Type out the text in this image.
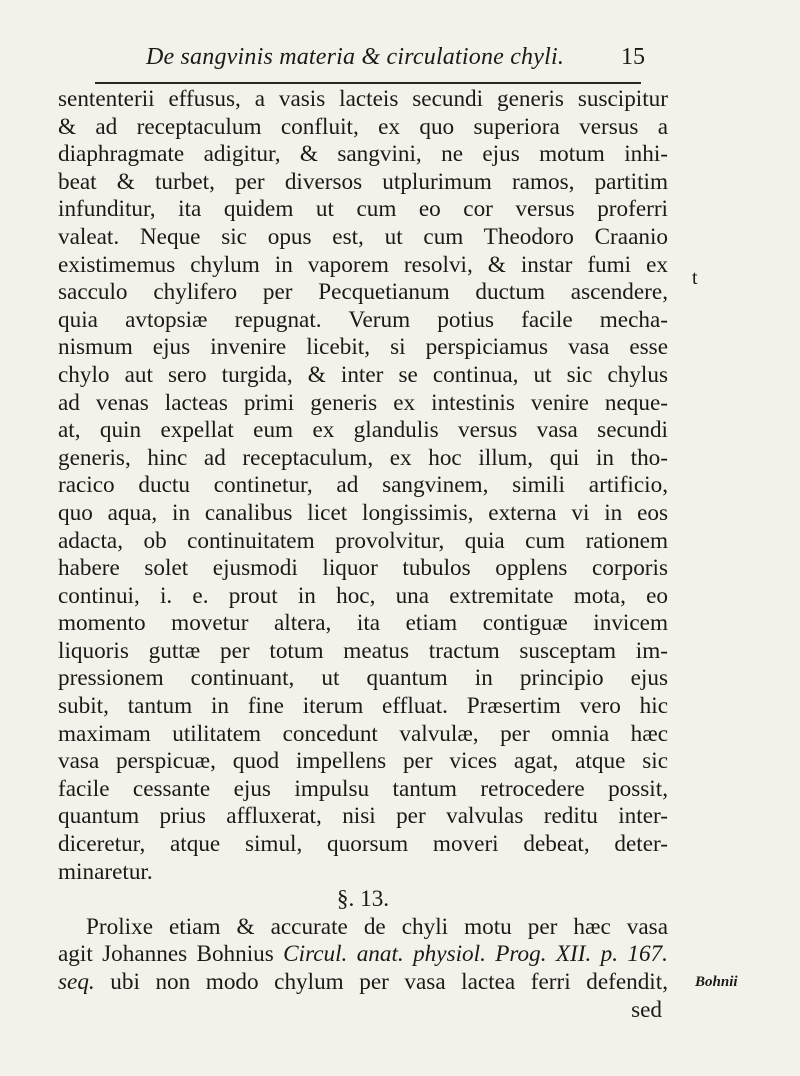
De sangvinis materia & circulatione chyli.	15
sententerii effusus, a vasis lacteis secundi generis suscipitur
& ad receptaculum confluit, ex quo superiora versus a
diaphragmate adigitur, & sangvini, ne ejus motum inhi-
beat & turbet, per diversos utplurimum ramos, partitim
infunditur, ita quidem ut cum eo cor versus proferri
valeat. Neque sic opus est, ut cum Theodoro Craanio
existimemus chylum in vaporem resolvi, & instar fumi ex
sacculo chylifero per Pecquetianum ductum ascendere,
quia avtopsiæ repugnat. Verum potius facile mecha-
nismum ejus invenire licebit, si perspiciamus vasa esse
chylo aut sero turgida, & inter se continua, ut sic chylus
ad venas lacteas primi generis ex intestinis venire neque-
at, quin expellat eum ex glandulis versus vasa secundi
generis, hinc ad receptaculum, ex hoc illum, qui in tho-
racico ductu continetur, ad sangvinem, simili artificio,
quo aqua, in canalibus licet longissimis, externa vi in eos
adacta, ob continuitatem provolvitur, quia cum rationem
habere solet ejusmodi liquor tubulos opplens corporis
continui, i. e. prout in hoc, una extremitate mota, eo
momento movetur altera, ita etiam contiguæ invicem
liquoris guttæ per totum meatus tractum susceptam im-
pressionem continuant, ut quantum in principio ejus
subit, tantum in fine iterum effluat. Præsertim vero hic
maximam utilitatem concedunt valvulæ, per omnia hæc
vasa perspicuæ, quod impellens per vices agat, atque sic
facile cessante ejus impulsu tantum retrocedere possit,
quantum prius affluxerat, nisi per valvulas reditu inter-
diceretur, atque simul, quorsum moveri debeat, deter-
minaretur.
§. 13.
Prolixe etiam & accurate de chyli motu per hæc vasa
agit Johannes Bohnius Circul. anat. physiol. Prog. XII. p. 167.
seq. ubi non modo chylum per vasa lactea ferri defendit,
sed
t
Bohnii
